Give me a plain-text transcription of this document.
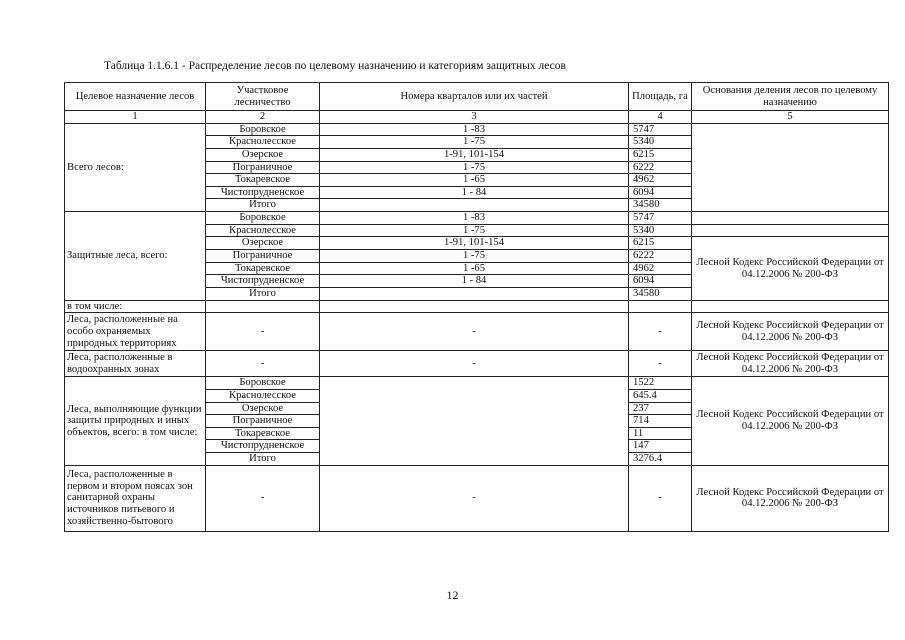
Таблица 1.1.6.1 - Распределение лесов по целевому назначению и категориям защитных лесов
Целевое назначение лесов	Участковое лесничество	Номера кварталов или их частей	Площадь, га	Основания деления лесов по целевому назначению
1	2	3	4	5
Всего лесов:	Боровское	1 -83	5747	
	Краснолесское	1 -75	5340	
	Озерское	1-91, 101-154	6215	
	Пограничное	1 -75	6222	
	Токаревское	1 -65	4962	
	Чистопрудненское	1 - 84	6094	
	Итого		34580	
Защитные леса, всего:	Боровское	1 -83	5747	
	Краснолесское	1 -75	5340	
	Озерское	1-91, 101-154	6215	Лесной Кодекс Российской Федерации от 04.12.2006 № 200-ФЗ
	Пограничное	1 -75	6222	
	Токаревское	1 -65	4962	
	Чистопрудненское	1 - 84	6094	
	Итого		34580	
в том числе:				
Леса, расположенные на особо охраняемых природных территориях	-	-	-	Лесной Кодекс Российской Федерации от 04.12.2006 № 200-ФЗ
Леса, расположенные в водоохранных зонах	-	-	-	Лесной Кодекс Российской Федерации от 04.12.2006 № 200-ФЗ
Леса, выполняющие функции защиты природных и иных объектов, всего: в том числе:	Боровское		1522	Лесной Кодекс Российской Федерации от 04.12.2006 № 200-ФЗ
	Краснолесское		645.4	
	Озерское		237	
	Пограничное		714	
	Токаревское		11	
	Чистопрудненское		147	
	Итого		3276.4	
Леса, расположенные в первом и втором поясах зон санитарной охраны источников питьевого и хозяйственно-бытового	-	-	-	Лесной Кодекс Российской Федерации от 04.12.2006 № 200-ФЗ
12
